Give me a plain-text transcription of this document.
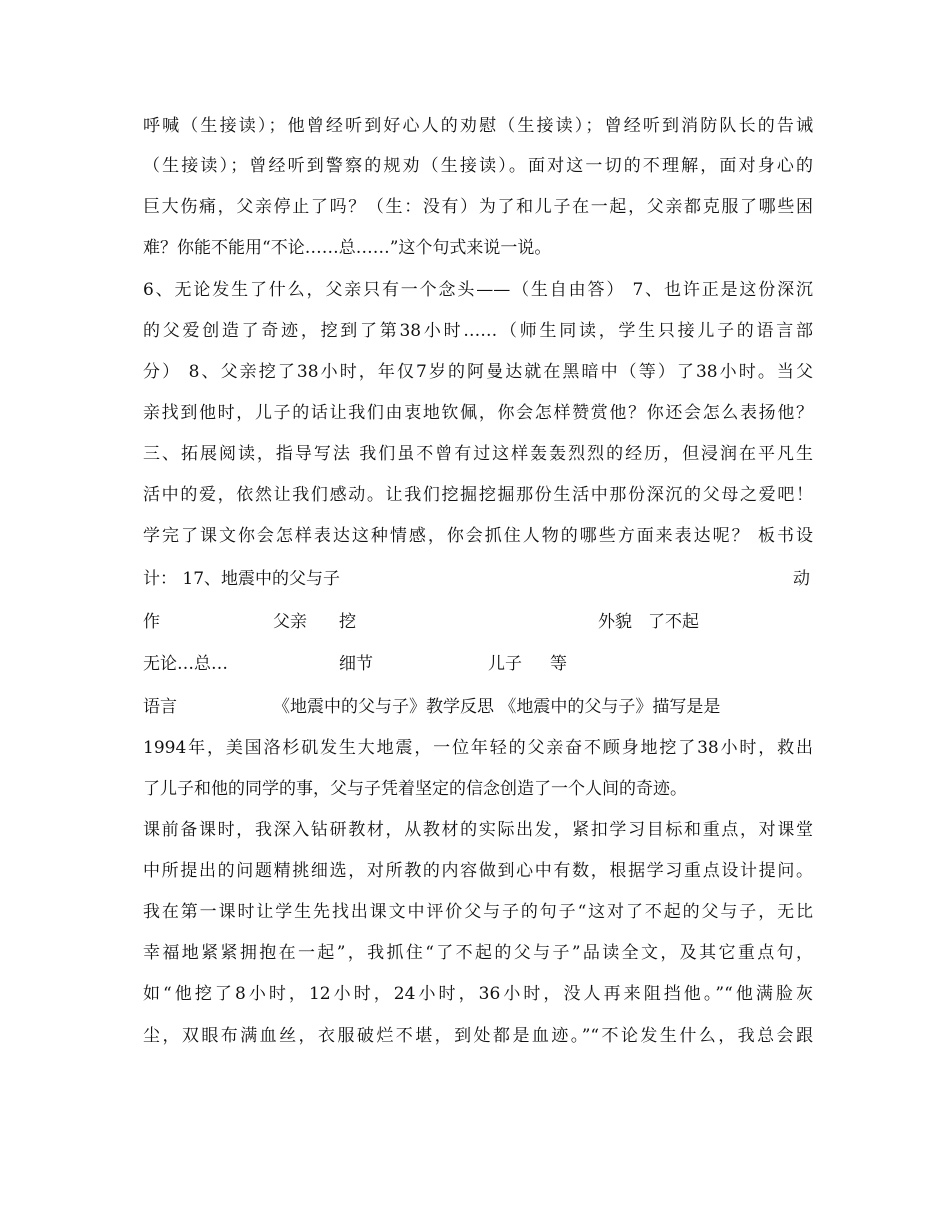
呼喊（生接读）；他曾经听到好心人的劝慰（生接读）；曾经听到消防队长的告诫
（生接读）；曾经听到警察的规劝（生接读）。面对这一切的不理解，面对身心的
巨大伤痛，父亲停止了吗？（生：没有）为了和儿子在一起，父亲都克服了哪些困
难？你能不能用“不论……总……”这个句式来说一说。
6、无论发生了什么，父亲只有一个念头——（生自由答） 7、也许正是这份深沉
的父爱创造了奇迹，挖到了第38小时……（师生同读，学生只接儿子的语言部
分） 8、父亲挖了38小时，年仅7岁的阿曼达就在黑暗中（等）了38小时。当父
亲找到他时，儿子的话让我们由衷地钦佩，你会怎样赞赏他？你还会怎么表扬他？
三、拓展阅读，指导写法 我们虽不曾有过这样轰轰烈烈的经历，但浸润在平凡生
活中的爱，依然让我们感动。让我们挖掘挖掘那份生活中那份深沉的父母之爱吧！
学完了课文你会怎样表达这种情感，你会抓住人物的哪些方面来表达呢？ 板书设
计： 17、地震中的父与子	动
作	父亲 挖	外貌 了不起
无论…总…	细节	儿子 等
语言	《地震中的父与子》教学反思 《地震中的父与子》描写是是
1994年，美国洛杉矶发生大地震，一位年轻的父亲奋不顾身地挖了38小时，救出
了儿子和他的同学的事，父与子凭着坚定的信念创造了一个人间的奇迹。
课前备课时，我深入钻研教材，从教材的实际出发，紧扣学习目标和重点，对课堂
中所提出的问题精挑细选，对所教的内容做到心中有数，根据学习重点设计提问。
我在第一课时让学生先找出课文中评价父与子的句子“这对了不起的父与子，无比
幸福地紧紧拥抱在一起”，我抓住“了不起的父与子”品读全文，及其它重点句，
如“他挖了8小时，12小时，24小时，36小时，没人再来阻挡他。”“他满脸灰
尘，双眼布满血丝，衣服破烂不堪，到处都是血迹。”“不论发生什么，我总会跟
